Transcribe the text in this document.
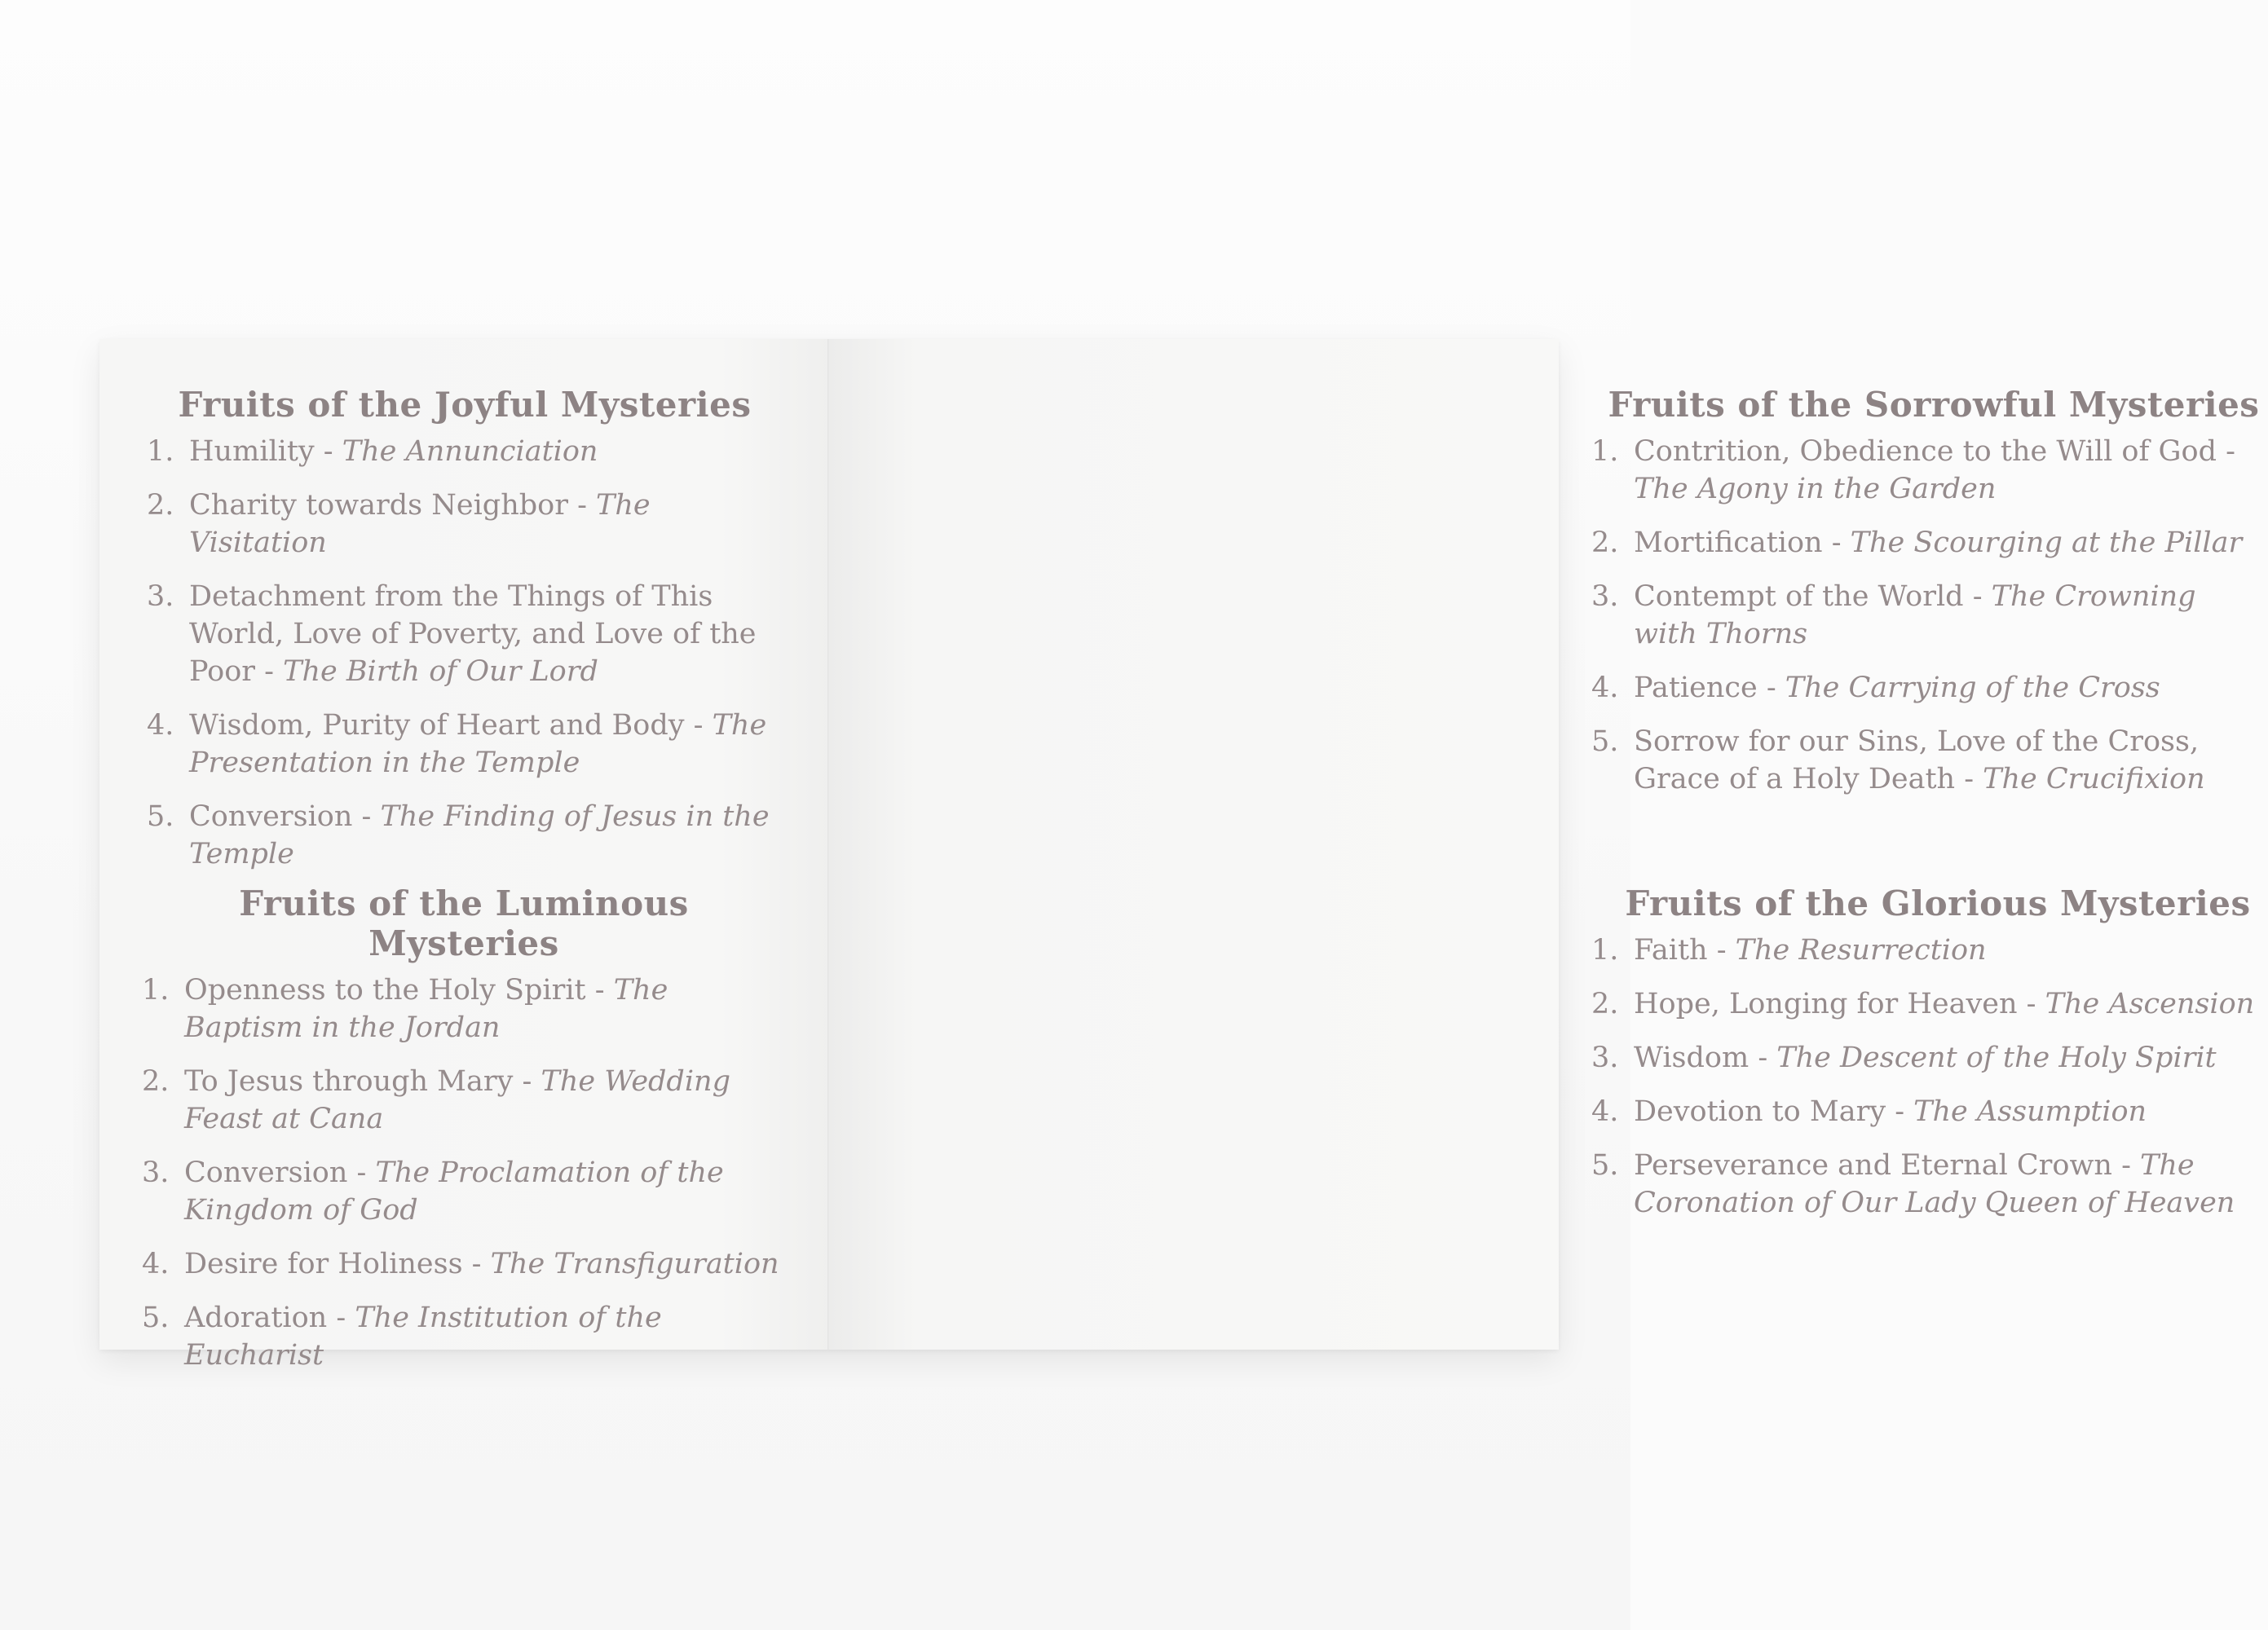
Fruits of the Joyful Mysteries
1. Humility - The Annunciation
2. Charity towards Neighbor - The Visitation
3. Detachment from the Things of This World, Love of Poverty, and Love of the Poor - The Birth of Our Lord
4. Wisdom, Purity of Heart and Body - The Presentation in the Temple
5. Conversion - The Finding of Jesus in the Temple
Fruits of the Luminous Mysteries
1. Openness to the Holy Spirit - The Baptism in the Jordan
2. To Jesus through Mary - The Wedding Feast at Cana
3. Conversion - The Proclamation of the Kingdom of God
4. Desire for Holiness - The Transfiguration
5. Adoration - The Institution of the Eucharist
Fruits of the Sorrowful Mysteries
1. Contrition, Obedience to the Will of God - The Agony in the Garden
2. Mortification - The Scourging at the Pillar
3. Contempt of the World - The Crowning with Thorns
4. Patience - The Carrying of the Cross
5. Sorrow for our Sins, Love of the Cross, Grace of a Holy Death - The Crucifixion
Fruits of the Glorious Mysteries
1. Faith - The Resurrection
2. Hope, Longing for Heaven - The Ascension
3. Wisdom - The Descent of the Holy Spirit
4. Devotion to Mary - The Assumption
5. Perseverance and Eternal Crown - The Coronation of Our Lady Queen of Heaven
